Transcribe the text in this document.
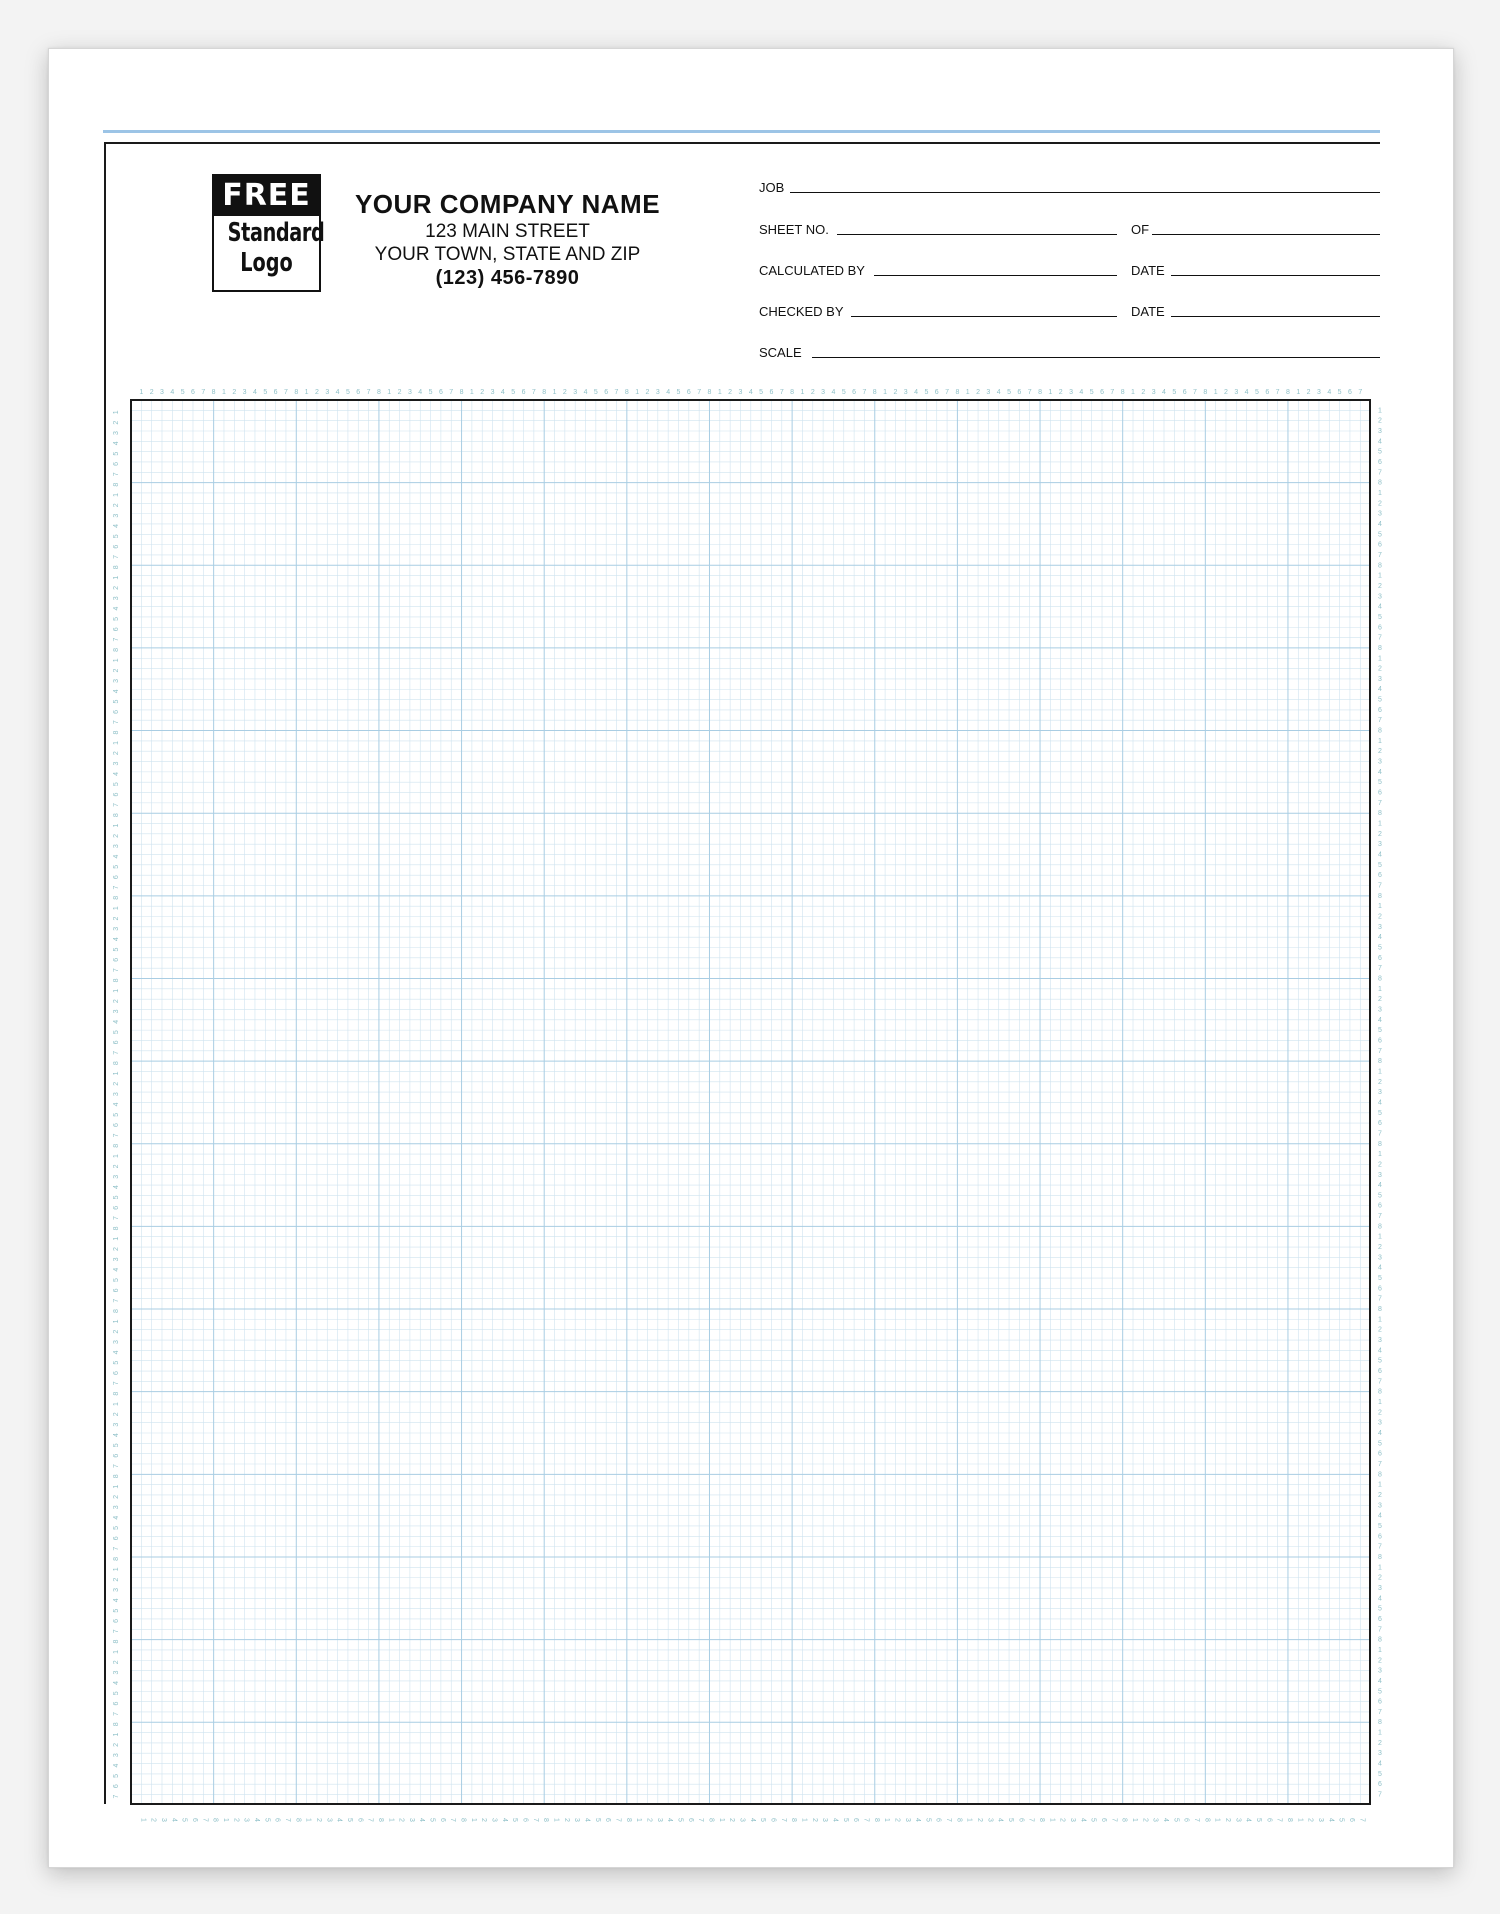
FREE
Standard
Logo
YOUR COMPANY NAME
123 MAIN STREET
YOUR TOWN, STATE AND ZIP
(123) 456-7890
JOB
SHEET NO.	OF
CALCULATED BY	DATE
CHECKED BY	DATE
SCALE
1
1
2
2
3
3
4
4
5
5
6
6
7
7
8
8
1
1
2
2
3
3
4
4
5
5
6
6
7
7
8
8
1
1
2
2
3
3
4
4
5
5
6
6
7
7
8
8
1
1
2
2
3
3
4
4
5
5
6
6
7
7
8
8
1
1
2
2
3
3
4
4
5
5
6
6
7
7
8
8
1
1
2
2
3
3
4
4
5
5
6
6
7
7
8
8
1
1
2
2
3
3
4
4
5
5
6
6
7
7
8
8
1
1
2
2
3
3
4
4
5
5
6
6
7
7
8
8
1
1
2
2
3
3
4
4
5
5
6
6
7
7
8
8
1
1
2
2
3
3
4
4
5
5
6
6
7
7
8
8
1
1
2
2
3
3
4
4
5
5
6
6
7
7
8
8
1
1
2
2
3
3
4
4
5
5
6
6
7
7
8
8
1
1
2
2
3
3
4
4
5
5
6
6
7
7
8
8
1
1
2
2
3
3
4
4
5
5
6
6
7
7
8
8
1
1
2
2
3
3
4
4
5
5
6
6
7
7
1	1
2	2
3	3
4	4
5	5
6	6
7	7
8	8
1	1
2	2
3	3
4	4
5	5
6	6
7	7
8	8
1	1
2	2
3	3
4	4
5	5
6	6
7	7
8	8
1	1
2	2
3	3
4	4
5	5
6	6
7	7
8	8
1	1
2	2
3	3
4	4
5	5
6	6
7	7
8	8
1	1
2	2
3	3
4	4
5	5
6	6
7	7
8	8
1	1
2	2
3	3
4	4
5	5
6	6
7	7
8	8
1	1
2	2
3	3
4	4
5	5
6	6
7	7
8	8
1	1
2	2
3	3
4	4
5	5
6	6
7	7
8	8
1	1
2	2
3	3
4	4
5	5
6	6
7	7
8	8
1	1
2	2
3	3
4	4
5	5
6	6
7	7
8	8
1	1
2	2
3	3
4	4
5	5
6	6
7	7
8	8
1	1
2	2
3	3
4	4
5	5
6	6
7	7
8	8
1	1
2	2
3	3
4	4
5	5
6	6
7	7
8	8
1	1
2	2
3	3
4	4
5	5
6	6
7	7
8	8
1	1
2	2
3	3
4	4
5	5
6	6
7	7
8	8
1	1
2	2
3	3
4	4
5	5
6	6
7	7
